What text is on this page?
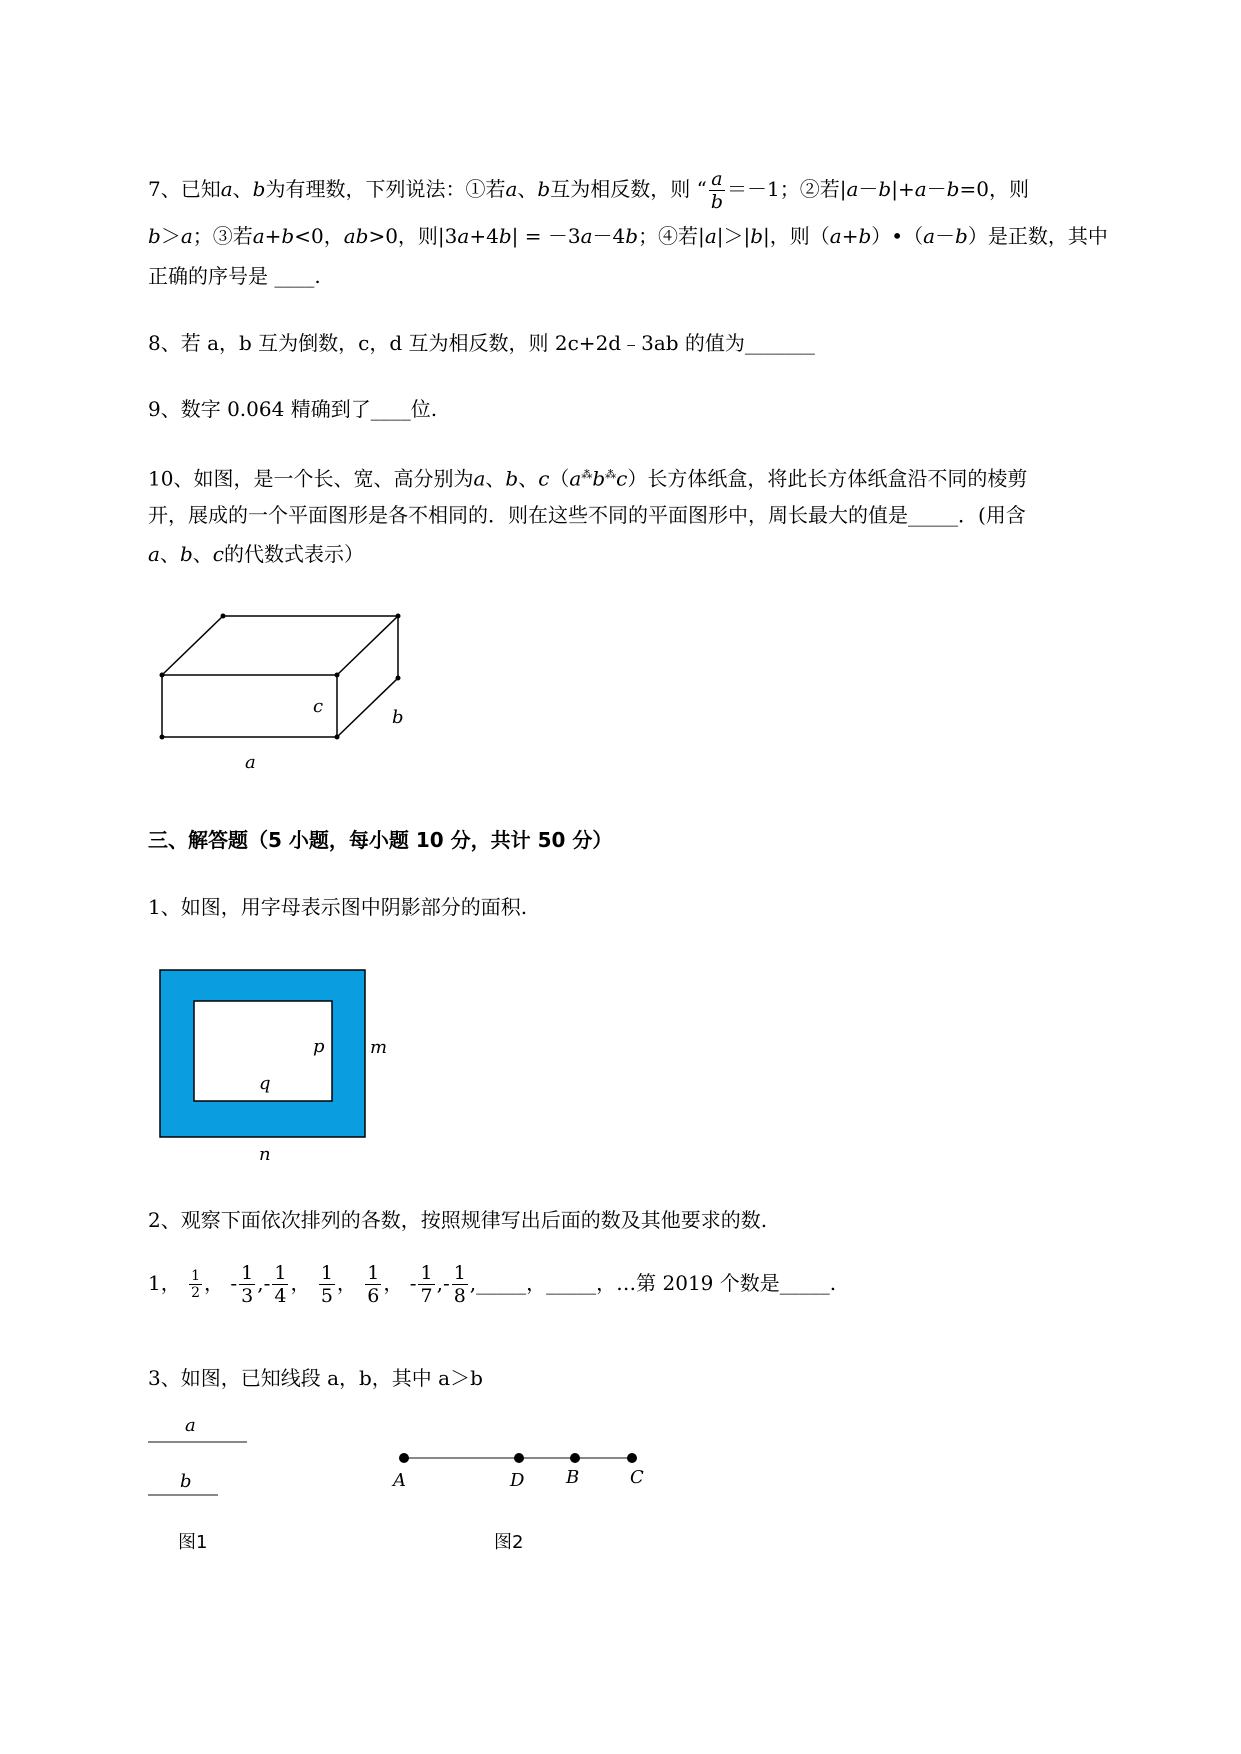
7、已知a、b为有理数，下列说法：①若a、b互为相反数，则 “ $\frac{a}{b} =-1$；②若|a－b|+a－b=0，则
b＞a；③若a+b<0，ab>0，则|3a+4b| = －3a－4b；④若|a|＞|b|，则（a+b）•（a－b）是正数，其中
正确的序号是 ____.
8、若 a，b 互为倒数，c，d 互为相反数，则 2c+2d﹣3ab 的值为_______
9、数字 0.064 精确到了____位.
10、如图，是一个长、宽、高分别为a、b、c（a⁂b⁂c）长方体纸盒，将此长方体纸盒沿不同的棱剪
开，展成的一个平面图形是各不相同的．则在这些不同的平面图形中，周长最大的值是_____．(用含
a、b、c的代数式表示）
c
b
a
三、解答题（5 小题，每小题 10 分，共计 50 分）
1、如图，用字母表示图中阴影部分的面积.
p
q
m
n
2、观察下面依次排列的各数，按照规律写出后面的数及其他要求的数.
1， $\frac{1}{2}$ ， - $\frac{1}{3}$ ,- $\frac{1}{4}$ ， $\frac{1}{5}$ ， $\frac{1}{6}$ ， - $\frac{1}{7}$ ,- $\frac{1}{8}$ ,_____，_____，…第 2019 个数是_____.
3、如图，已知线段 a，b，其中 a＞b
a
b
图1
A	D B	C
图2
